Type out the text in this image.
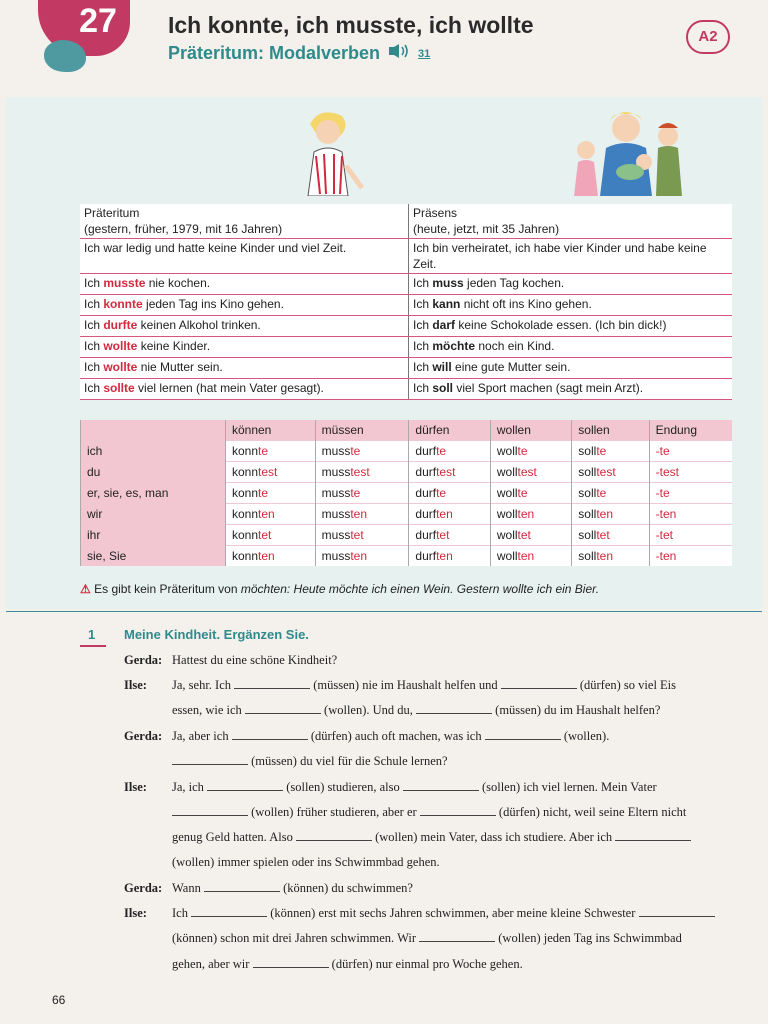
27	Ich konnte, ich musste, ich wollte
Präteritum: Modalverben	31
A2
Präteritum
(gestern, früher, 1979, mit 16 Jahren)	Präsens
(heute, jetzt, mit 35 Jahren)
Ich war ledig und hatte keine Kinder und viel Zeit.	Ich bin verheiratet, ich habe vier Kinder und habe keine Zeit.
Ich musste nie kochen.	Ich muss jeden Tag kochen.
Ich konnte jeden Tag ins Kino gehen.	Ich kann nicht oft ins Kino gehen.
Ich durfte keinen Alkohol trinken.	Ich darf keine Schokolade essen. (Ich bin dick!)
Ich wollte keine Kinder.	Ich möchte noch ein Kind.
Ich wollte nie Mutter sein.	Ich will eine gute Mutter sein.
Ich sollte viel lernen (hat mein Vater gesagt).	Ich soll viel Sport machen (sagt mein Arzt).
	können	müssen	dürfen	wollen	sollen	Endung
ich	konnte	musste	durfte	wollte	sollte	-te
du	konntest	musstest	durftest	wolltest	solltest	-test
er, sie, es, man	konnte	musste	durfte	wollte	sollte	-te
wir	konnten	mussten	durften	wollten	sollten	-ten
ihr	konntet	musstet	durftet	wolltet	solltet	-tet
sie, Sie	konnten	mussten	durften	wollten	sollten	-ten
⚠ Es gibt kein Präteritum von möchten: Heute möchte ich einen Wein. Gestern wollte ich ein Bier.
1 Meine Kindheit. Ergänzen Sie.
Gerda: Hattest du eine schöne Kindheit?
Ilse: Ja, sehr. Ich	(müssen) nie im Haushalt helfen und	(dürfen) so viel Eis
essen, wie ich	(wollen). Und du,	(müssen) du im Haushalt helfen?
Gerda: Ja, aber ich	(dürfen) auch oft machen, was ich	(wollen).
(müssen) du viel für die Schule lernen?
Ilse: Ja, ich	(sollen) studieren, also	(sollen) ich viel lernen. Mein Vater
(wollen) früher studieren, aber er	(dürfen) nicht, weil seine Eltern nicht
genug Geld hatten. Also	(wollen) mein Vater, dass ich studiere. Aber ich
(wollen) immer spielen oder ins Schwimmbad gehen.
Gerda: Wann	(können) du schwimmen?
Ilse: Ich	(können) erst mit sechs Jahren schwimmen, aber meine kleine Schwester
(können) schon mit drei Jahren schwimmen. Wir	(wollen) jeden Tag ins Schwimmbad
gehen, aber wir	(dürfen) nur einmal pro Woche gehen.
66
